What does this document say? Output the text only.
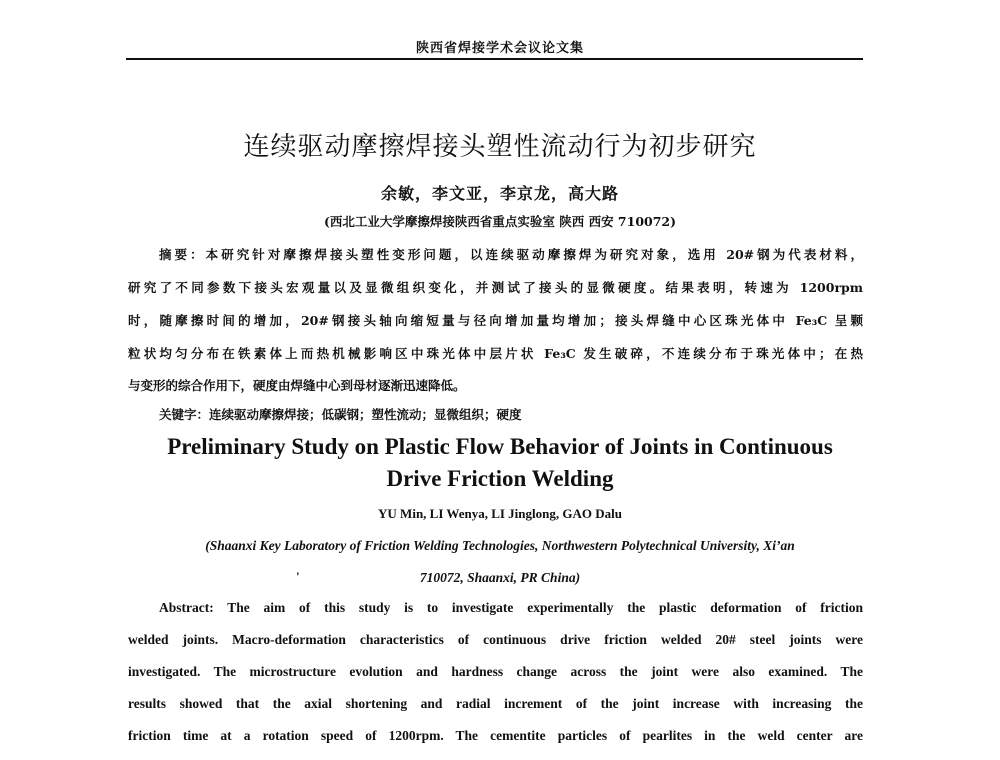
陕西省焊接学术会议论文集
连续驱动摩擦焊接头塑性流动行为初步研究
余敏，李文亚，李京龙，高大路
(西北工业大学摩擦焊接陕西省重点实验室 陕西 西安 710072)
摘要：本研究针对摩擦焊接头塑性变形问题，以连续驱动摩擦焊为研究对象，选用 20#钢为代表材料，
研究了不同参数下接头宏观量以及显微组织变化，并测试了接头的显微硬度。结果表明，转速为 1200rpm
时，随摩擦时间的增加，20#钢接头轴向缩短量与径向增加量均增加；接头焊缝中心区珠光体中 Fe₃C 呈颗
粒状均匀分布在铁素体上而热机械影响区中珠光体中层片状 Fe₃C 发生破碎，不连续分布于珠光体中；在热
与变形的综合作用下，硬度由焊缝中心到母材逐渐迅速降低。
关键字：连续驱动摩擦焊接；低碳钢；塑性流动；显微组织；硬度
Preliminary Study on Plastic Flow Behavior of Joints in Continuous
Drive Friction Welding
YU Min, LI Wenya, LI Jinglong, GAO Dalu
(Shaanxi Key Laboratory of Friction Welding Technologies, Northwestern Polytechnical University, Xi’an
'	710072, Shaanxi, PR China)
Abstract: The aim of this study is to investigate experimentally the plastic deformation of friction
welded joints. Macro-deformation characteristics of continuous drive friction welded 20# steel joints were
investigated. The microstructure evolution and hardness change across the joint were also examined. The
results showed that the axial shortening and radial increment of the joint increase with increasing the
friction time at a rotation speed of 1200rpm. The cementite particles of pearlites in the weld center are
